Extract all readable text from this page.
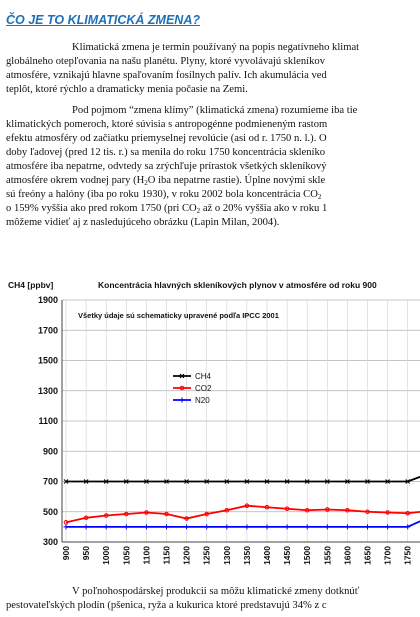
ČO JE TO KLIMATICKÁ ZMENA?
Klimatická zmena je termín používaný na popis negatívneho klimat
globálneho otepľovania na našu planétu. Plyny, ktoré vyvolávajú skleníkov
atmosfére, vznikajú hlavne spaľovaním fosílnych palív. Ich akumulácia ved
teplôt, ktoré rýchlo a dramaticky menia počasie na Zemi.
Pod pojmom “zmena klímy” (klimatická zmena) rozumieme iba tie
klimatických pomeroch, ktoré súvisia s antropogénne podmieneným rastom
efektu atmosféry od začiatku priemyselnej revolúcie (asi od r. 1750 n. l.). O
doby ľadovej (pred 12 tis. r.) sa menila do roku 1750 koncentrácia skleníko
atmosfére iba nepatrne, odvtedy sa zrýchľuje prírastok všetkých skleníkový
atmosfére okrem vodnej pary ($H_2O$ iba nepatrne rastie). Úplne novými skle
sú freóny a halóny (iba po roku 1930), v roku 2002 bola koncentrácia $CO_2$
o 159% vyššia ako pred rokom 1750 (pri $CO_2$ až o 20% vyššia ako v roku 1
môžeme vidieť aj z nasledujúceho obrázku (Lapin Milan, 2004).
300
500
700
900
1100
1300
1500
1700
1900
900 950 1000 1050 1100 1150 1200 1250 1300 1350 1400 1450 1500 1550 1600 1650 1700 1750
CH4 [ppbv]	Koncentrácia hlavných skleníkových plynov v atmosfére od roku 900
Všetky údaje sú schematicky upravené podľa IPCC 2001
CH4
CO2
N20
V poľnohospodárskej produkcii sa môžu klimatické zmeny dotknúť
pestovateľských plodín (pšenica, ryža a kukurica ktoré predstavujú 34% z c
